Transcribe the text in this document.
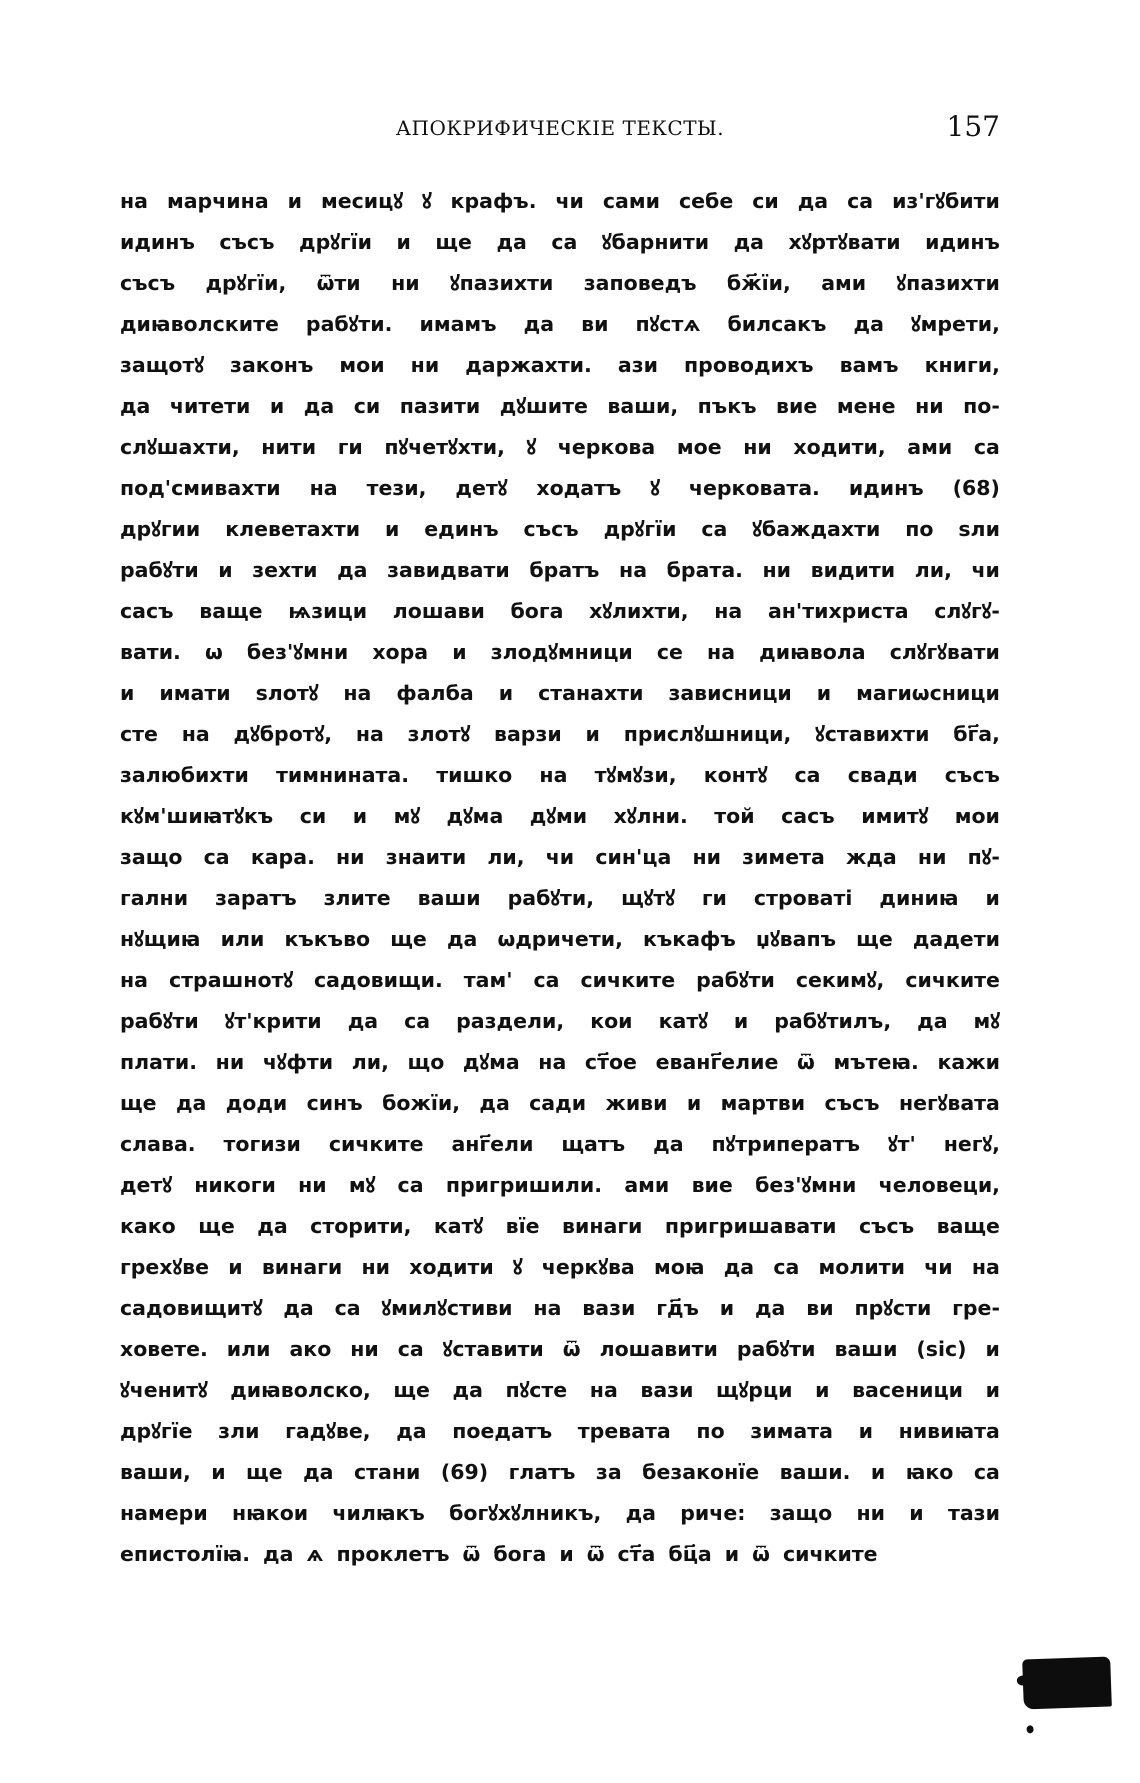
АПОКРИФИЧЕСКІЕ ТЕКСТЫ.	157
на марчина и месицꙋ ꙋ крафъ. чи сами себе си да са из'гꙋбити
идинъ съсъ дрꙋгїи и ще да са ꙋбарнити да хꙋртꙋвати идинъ
съсъ дрꙋгїи, ѿти ни ꙋпазихти заповедъ бж҃їи, ами ꙋпазихти
диꙗволските рабꙋти. имамъ да ви пꙋстѧ билсакъ да ꙋмрети,
защотꙋ законъ мои ни даржахти. ази проводихъ вамъ книги,
да читети и да си пазити дꙋшите ваши, пъкъ вие мене ни по-
слꙋшахти, нити ги пꙋчетꙋхти, ꙋ черкова мое ни ходити, ами са
под'смивахти на тези, детꙋ ходатъ ꙋ черковата. идинъ (68)
дрꙋгии клеветахти и единъ съсъ дрꙋгїи са ꙋбаждахти по ѕли
рабꙋти и зехти да завидвати братъ на брата. ни видити ли, чи
сасъ ваще ѩзици лошави бога хꙋлихти, на ан'тихриста слꙋгꙋ-
вати. ѡ без'ꙋмни хора и злодꙋмници се на диꙗвола слꙋгꙋвати
и имати ѕлотꙋ на фалба и станахти зависници и магиѡсници
сте на дꙋбротꙋ, на злотꙋ варзи и прислꙋшници, ꙋставихти бг҃а,
залюбихти тимнината. тишко на тꙋмꙋзи, контꙋ са свади съсъ
кꙋм'шиꙗтꙋкъ си и мꙋ дꙋма дꙋми хꙋлни. той сасъ имитꙋ мои
защо са кара. ни знаити ли, чи син'ца ни зимета жда ни пꙋ-
гални заратъ злите ваши рабꙋти, щꙋтꙋ ги строватi диниꙗ и
нꙋщиꙗ или къкъво ще да ѡдричети, къкафъ џꙋвапъ ще дадети
на страшнотꙋ садовищи. там' са сичките рабꙋти секимꙋ, сичките
рабꙋти ꙋт'крити да са раздели, кои катꙋ и рабꙋтилъ, да мꙋ
плати. ни чꙋфти ли, що дꙋма на ст҃ое еванг҃елие ѿ мътеꙗ. кажи
ще да доди синъ божїи, да сади живи и мартви съсъ негꙋвата
слава. тогизи сичките анг҃ели щатъ да пꙋтриператъ ꙋт' негꙋ,
детꙋ никоги ни мꙋ са пригришили. ами вие без'ꙋмни человеци,
како ще да сторити, катꙋ вїе винаги пригришавати съсъ ваще
грехꙋве и винаги ни ходити ꙋ черкꙋва моꙗ да са молити чи на
садовищитꙋ да са ꙋмилꙋстиви на вази гд҃ъ и да ви прꙋсти гре-
ховете. или ако ни са ꙋставити ѿ лошавити рабꙋти ваши (sic) и
ꙋченитꙋ диꙗволско, ще да пꙋсте на вази щꙋрци и васеници и
дрꙋгїе зли гадꙋве, да поедатъ тревата по зимата и нивиꙗта
ваши, и ще да стани (69) глатъ за безаконїе ваши. и ꙗко са
намери нꙗкои чилꙗкъ богꙋхꙋлникъ, да риче: защо ни и тази
епистолїꙗ. да ѧ проклетъ ѿ бога и ѿ ст҃а бц҃а и ѿ сичките
